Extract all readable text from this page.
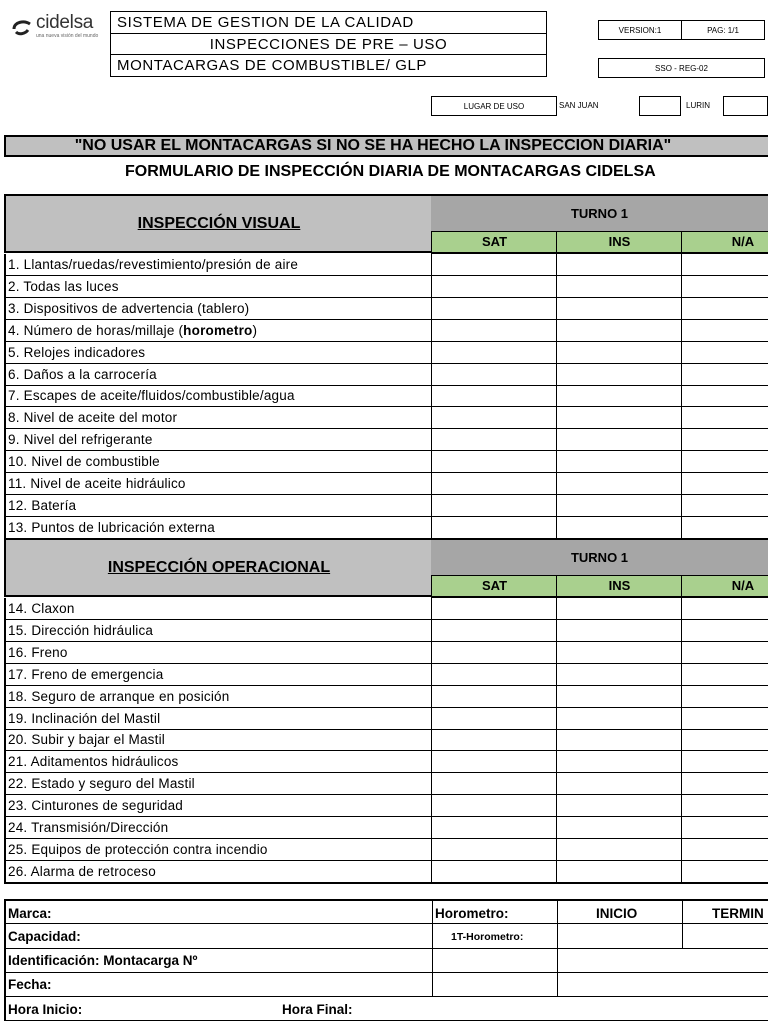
cidelsa
una nueva visión del mundo
SISTEMA DE GESTION DE LA CALIDAD
INSPECCIONES DE PRE – USO
MONTACARGAS DE COMBUSTIBLE/ GLP
VERSION:1	PAG: 1/1
SSO - REG-02
LUGAR DE USO	SAN JUAN	LURIN
"NO USAR EL MONTACARGAS SI NO SE HA HECHO LA INSPECCION DIARIA"
FORMULARIO DE INSPECCIÓN DIARIA DE MONTACARGAS CIDELSA
INSPECCIÓN VISUAL
TURNO 1
SAT	INS	N/A
1. Llantas/ruedas/revestimiento/presión de aire
2. Todas las luces
3. Dispositivos de advertencia (tablero)
4. Número de horas/millaje (horometro)
5. Relojes indicadores
6. Daños a la carrocería
7. Escapes de aceite/fluidos/combustible/agua
8. Nivel de aceite del motor
9. Nivel del refrigerante
10. Nivel de combustible
11. Nivel de aceite hidráulico
12. Batería
13. Puntos de lubricación externa
INSPECCIÓN OPERACIONAL
TURNO 1
SAT	INS	N/A
14. Claxon
15. Dirección hidráulica
16. Freno
17. Freno de emergencia
18. Seguro de arranque en posición
19. Inclinación del Mastil
20. Subir y bajar el Mastil
21. Aditamentos hidráulicos
22. Estado y seguro del Mastil
23. Cinturones de seguridad
24. Transmisión/Dirección
25. Equipos de protección contra incendio
26. Alarma de retroceso
Marca:	Horometro:	INICIO	TERMIN
Capacidad:	1T-Horometro:
Identificación: Montacarga Nº
Fecha:
Hora Inicio:	Hora Final:
